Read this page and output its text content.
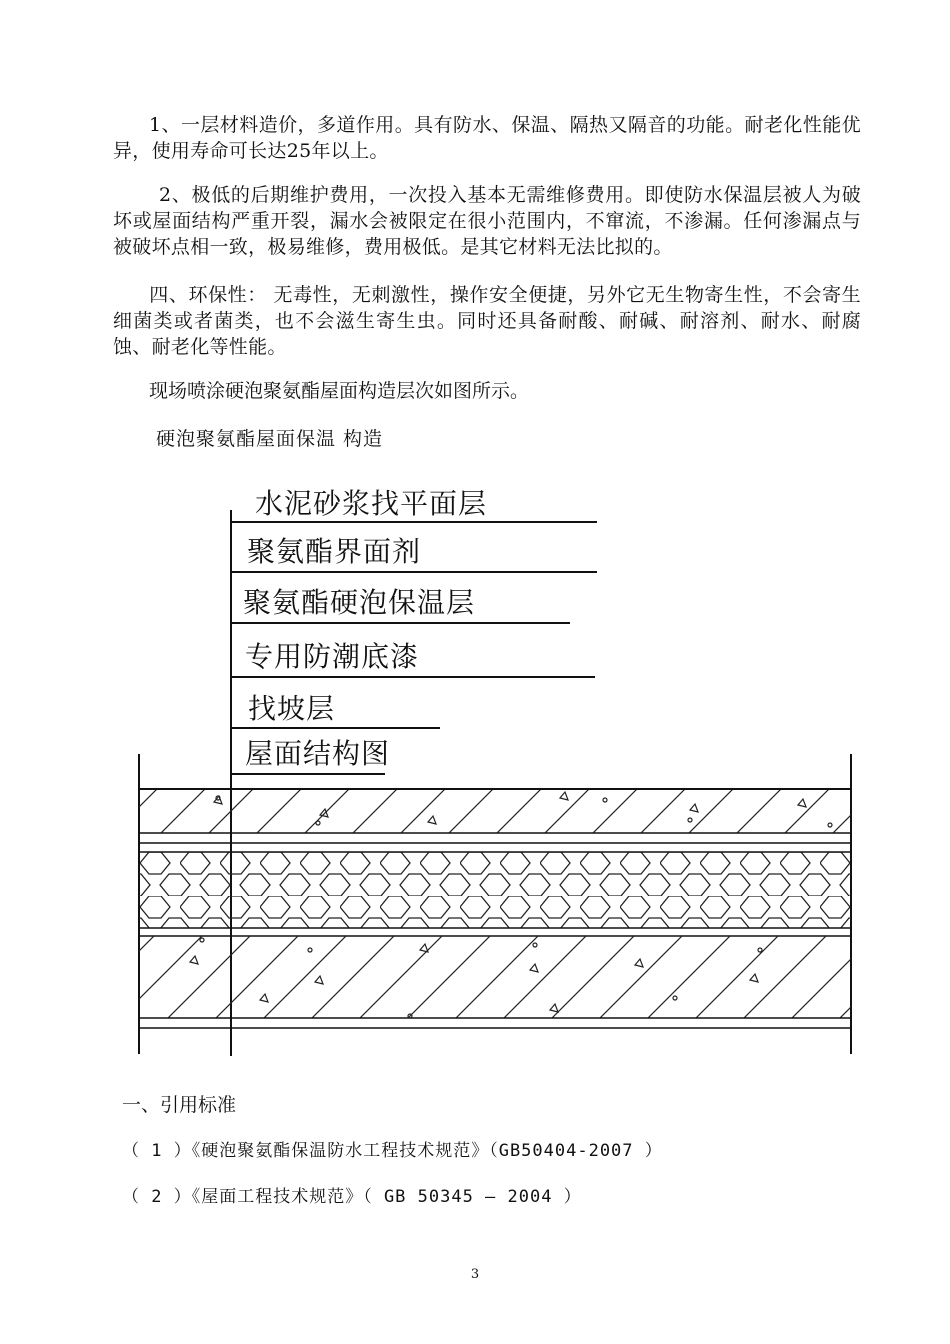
1、一层材料造价，多道作用。具有防水、保温、隔热又隔音的功能。耐老化性能优异，使用寿命可长达25年以上。
2、极低的后期维护费用，一次投入基本无需维修费用。即使防水保温层被人为破坏或屋面结构严重开裂，漏水会被限定在很小范围内，不窜流，不渗漏。任何渗漏点与被破坏点相一致，极易维修，费用极低。是其它材料无法比拟的。
四、环保性： 无毒性，无刺激性，操作安全便捷，另外它无生物寄生性，不会寄生细菌类或者菌类，也不会滋生寄生虫。同时还具备耐酸、耐碱、耐溶剂、耐水、耐腐蚀、耐老化等性能。
现场喷涂硬泡聚氨酯屋面构造层次如图所示。
硬泡聚氨酯屋面保温 构造
水泥砂浆找平面层
聚氨酯界面剂
聚氨酯硬泡保温层
专用防潮底漆
找坡层
屋面结构图
一、引用标准
（ 1 ）《硬泡聚氨酯保温防水工程技术规范》（GB50404-2007 ）
（ 2 ）《屋面工程技术规范》（ GB 50345 — 2004 ）
3
